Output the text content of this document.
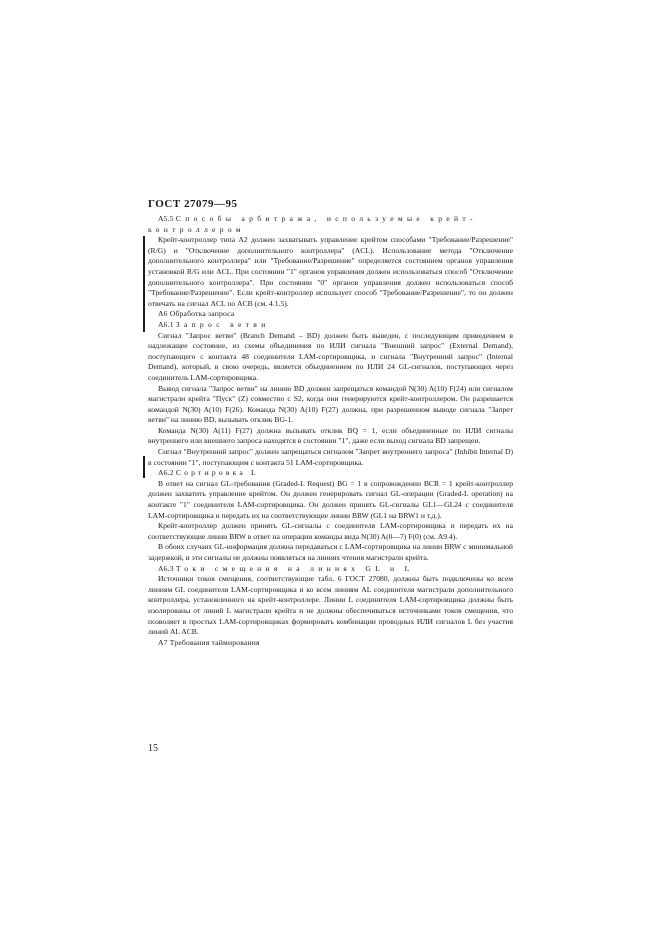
ГОСТ 27079—95
А5.5 Способы арбитража, используемые крейт-контроллером

Крейт-контроллер типа А2 должен захватывать управление крейтом способами "Требование/Разрешение" (R/G) и "Отключение дополнительного контроллера" (ACL). Использование метода "Отключение дополнительного контроллера" или "Требование/Разрешение" определяется состоянием органов управления установкой R/G или ACL. При состоянии "1" органов управления должен использоваться способ "Отключение дополнительного контроллера". При состоянии "0" органов управления должен использоваться способ "Требование/Разрешение". Если крейт-контроллер использует способ "Требование/Разрешение", то он должен отвечать на сигнал ACL по ACB (см. 4.1.5).

А6 Обработка запроса
А6.1 Запрос ветви

Сигнал "Запрос ветви" (Branch Demand – BD) должен быть выведен, с последующим приведением в надлежащее состояние, из схемы объединения по ИЛИ сигнала "Внешний запрос" (External Demand), поступающего с контакта 48 соединителя LAM-сортировщика, и сигнала "Внутренний запрос" (Internal Demand), который, в свою очередь, является объединением по ИЛИ 24 GL-сигналов, поступающих через соединитель LAM-сортировщика.

Вывод сигнала "Запрос ветви" на линию BD должен запрещаться командой N(30) A(10) F(24) или сигналом магистрали крейта "Пуск" (Z) совместно с S2, когда они генерируются крейт-контроллером. Он разрешается командой N(30) A(10) F(26). Команда N(30) A(10) F(27) должна, при разрешенном выводе сигнала "Запрет ветви" на линию BD, вызывать отклик BG-1.

Команда N(30) A(11) F(27) должна вызывать отклик BQ = 1, если объединенные по ИЛИ сигналы внутреннего или внешнего запроса находятся в состоянии "1", даже если выход сигнала BD запрещен.

Сигнал "Внутренний запрос" должен запрещаться сигналом "Запрет внутреннего запроса" (Inhibit Internal D) в состоянии "1", поступающим с контакта 51 LAM-сортировщика.

А6.2 Сортировка L

В ответ на сигнал GL-требования (Graded-L Request) BG = 1 в сопровождении BCR = 1 крейт-контроллер должен захватить управление крейтом. Он должен генерировать сигнал GL-операции (Graded-L operation) на контакте "1" соединителя LAM-сортировщика. Он должен принять GL-сигналы GL1—GL24 с соединителя LAM-сортировщика и передать их на соответствующие линии BRW (GL1 на BRW1 и т.д.).

Крейт-контроллер должен принять GL-сигналы с соединителя LAM-сортировщика и передать их на соответствующие линии BRW в ответ на операции команды вида N(30) A(0—7) F(0) (см. А9.4).

В обоих случаях GL-информация должна передаваться с LAM-сортировщика на линии BRW с минимальной задержкой, и эти сигналы не должны появляться на линиях чтения магистрали крейта.

А6.3 Токи смещения на линиях GL и L

Источники токов смещения, соответствующие табл. 6 ГОСТ 27080, должны быть подключены ко всем линиям GL соединителя LAM-сортировщика и ко всем линиям AL соединителя магистрали дополнительного контроллера, установленного на крейт-контроллере. Линии L соединителя LAM-сортировщика должны быть изолированы от линий L магистрали крейта и не должны обеспечиваться источниками токов смещения, что позволяет в простых LAM-сортировщиках формировать комбинации проводных ИЛИ сигналов L без участия линий AL ACB.

А7 Требования таймирования
15
